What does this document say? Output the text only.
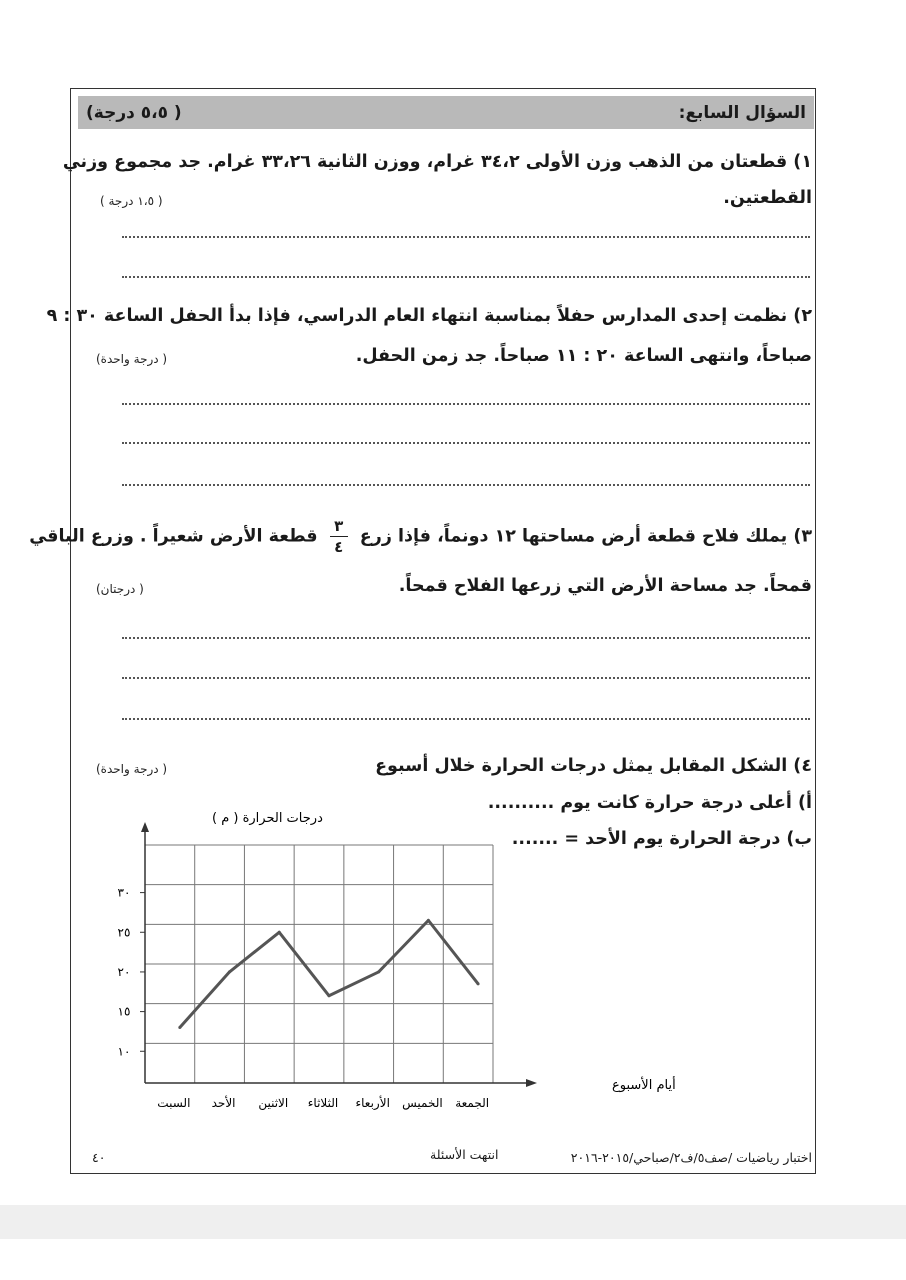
السؤال السابع:
( ٥،٥ درجة)
١) قطعتان من الذهب وزن الأولى ٣٤،٢ غرام، ووزن الثانية ٣٣،٢٦ غرام. جد مجموع وزني
القطعتين.
( ١،٥ درجة )
٢) نظمت إحدى المدارس حفلاً بمناسبة انتهاء العام الدراسي، فإذا بدأ الحفل الساعة ٣٠ : ٩
صباحاً، وانتهى الساعة ٢٠ : ١١ صباحاً. جد زمن الحفل.
( درجة واحدة)
٣) يملك فلاح قطعة أرض مساحتها ١٢ دونماً، فإذا زرع
$\frac{٣}{٤}$
قطعة الأرض شعيراً . وزرع الباقي
قمحاً. جد مساحة الأرض التي زرعها الفلاح قمحاً.
( درجتان)
٤) الشكل المقابل يمثل درجات الحرارة خلال أسبوع
( درجة واحدة)
أ) أعلى درجة حرارة كانت يوم ..........
ب) درجة الحرارة يوم الأحد = .......
السبت الأحد الاثنين الثلاثاء الأربعاء الخميس الجمعة
١٠
١٥
٢٠
٢٥
٣٠
درجات الحرارة ( م )
أيام الأسبوع
٤٠	انتهت الأسئلة	اختبار رياضيات /صف٥/ف٢/صباحي/٢٠١٥-٢٠١٦
